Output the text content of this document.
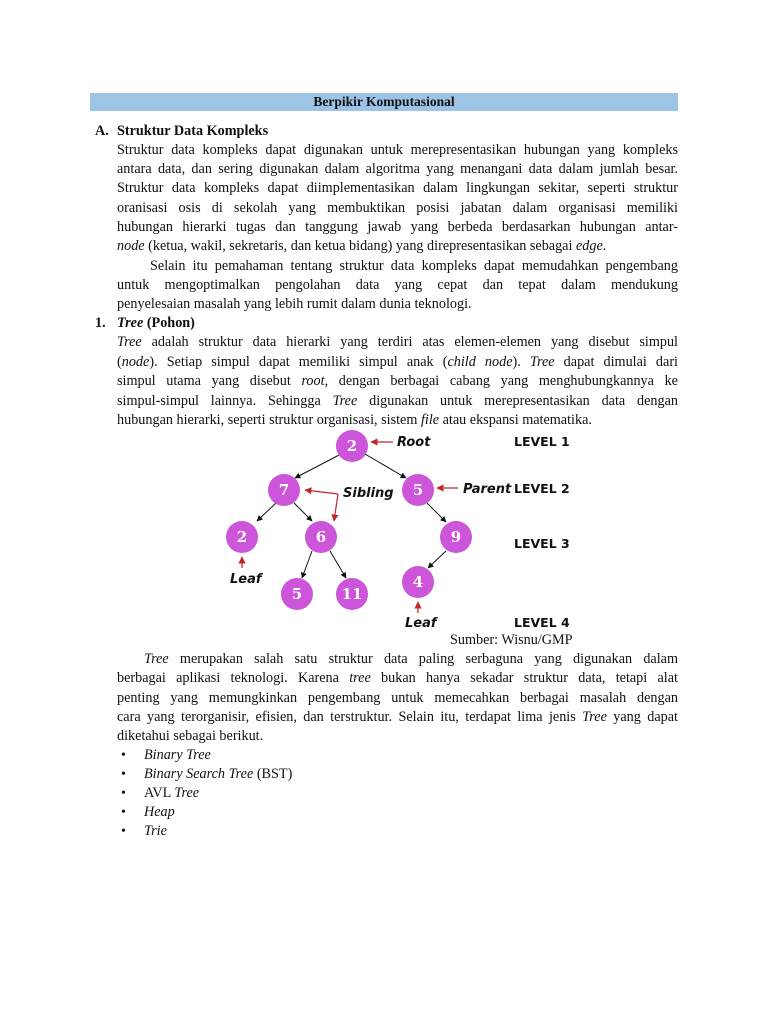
Berpikir Komputasional
A. Struktur Data Kompleks
Struktur data kompleks dapat digunakan untuk merepresentasikan hubungan yang kompleks
antara data, dan sering digunakan dalam algoritma yang menangani data dalam jumlah besar.
Struktur data kompleks dapat diimplementasikan dalam lingkungan sekitar, seperti struktur
oranisasi osis di sekolah yang membuktikan posisi jabatan dalam organisasi memiliki
hubungan hierarki tugas dan tanggung jawab yang berbeda berdasarkan hubungan antar-
node (ketua, wakil, sekretaris, dan ketua bidang) yang direpresentasikan sebagai edge.
Selain itu pemahaman tentang struktur data kompleks dapat memudahkan pengembang
untuk mengoptimalkan pengolahan data yang cepat dan tepat dalam mendukung
penyelesaian masalah yang lebih rumit dalam dunia teknologi.
1. Tree (Pohon)
Tree adalah struktur data hierarki yang terdiri atas elemen-elemen yang disebut simpul
(node). Setiap simpul dapat memiliki simpul anak (child node). Tree dapat dimulai dari
simpul utama yang disebut root, dengan berbagai cabang yang menghubungkannya ke
simpul-simpul lainnya. Sehingga Tree digunakan untuk merepresentasikan data dengan
hubungan hierarki, seperti struktur organisasi, sistem file atau ekspansi matematika.
2
7	5
2	6	9
5	11
4
Root
Parent
Sibling
Leaf
Leaf
LEVEL 1
LEVEL 2
LEVEL 3
LEVEL 4
Sumber: Wisnu/GMP
Tree merupakan salah satu struktur data paling serbaguna yang digunakan dalam
berbagai aplikasi teknologi. Karena tree bukan hanya sekadar struktur data, tetapi alat
penting yang memungkinkan pengembang untuk memecahkan berbagai masalah dengan
cara yang terorganisir, efisien, dan terstruktur. Selain itu, terdapat lima jenis Tree yang dapat
diketahui sebagai berikut.
• Binary Tree
• Binary Search Tree (BST)
• AVL Tree
• Heap
• Trie
